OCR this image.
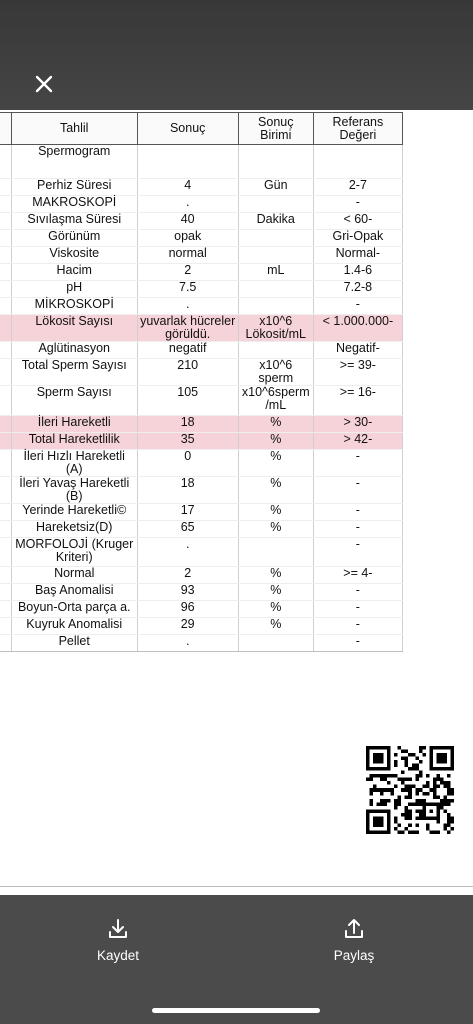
	Tahlil	Sonuç	Sonuç Birimi	Referans Değeri

	Spermogram			
	Perhiz Süresi	4	Gün	2-7
	MAKROSKOPİ	.		-
	Sıvılaşma Süresi	40	Dakika	< 60-
	Görünüm	opak		Gri-Opak
	Viskosite	normal		Normal-
	Hacim	2	mL	1.4-6
	pH	7.5		7.2-8
	MİKROSKOPİ	.		-
	Lökosit Sayısı	yuvarlak hücreler görüldü.	x10^6 Lökosit/mL	< 1.000.000-
	Aglütinasyon	negatif		Negatif-
	Total Sperm Sayısı	210	x10^6 sperm	>= 39-
	Sperm Sayısı	105	x10^6sperm /mL	>= 16-
	İleri Hareketli	18	%	> 30-
	Total Hareketlilik	35	%	> 42-
	İleri Hızlı Hareketli (A)	0	%	-
	İleri Yavaş Hareketli (B)	18	%	-
	Yerinde Hareketli©	17	%	-
	Hareketsiz(D)	65	%	-
	MORFOLOJİ (Kruger Kriteri)	.		-
	Normal	2	%	>= 4-
	Baş Anomalisi	93	%	-
	Boyun-Orta parça a.	96	%	-
	Kuyruk Anomalisi	29	%	-
	Pellet	.		-
Kaydet	Paylaş
